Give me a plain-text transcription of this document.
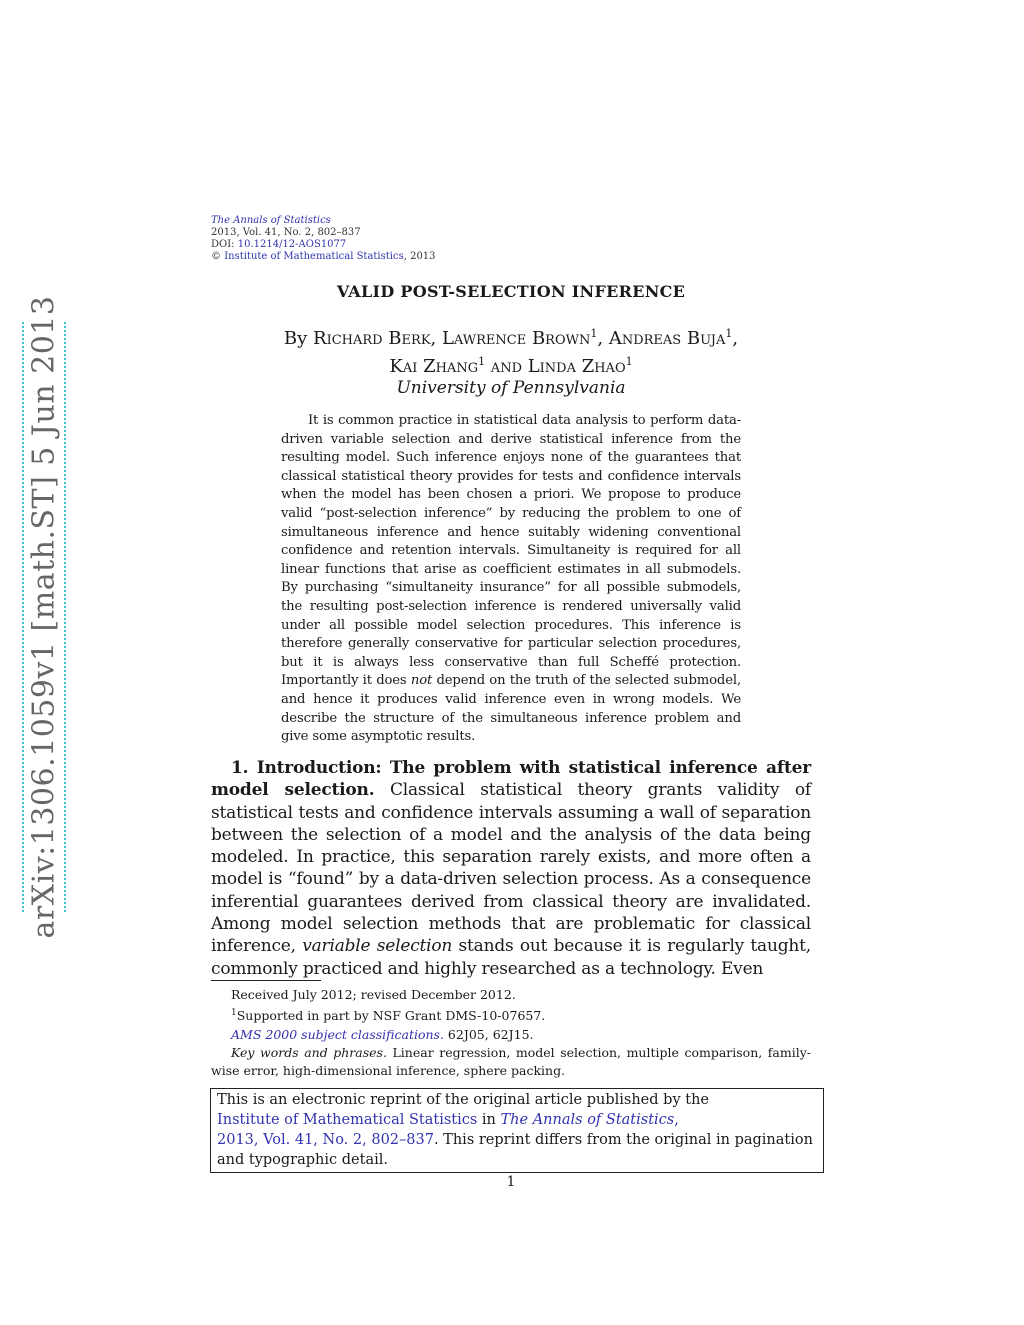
arXiv:1306.1059v1 [math.ST] 5 Jun 2013
The Annals of Statistics
2013, Vol. 41, No. 2, 802–837
DOI: 10.1214/12-AOS1077
© Institute of Mathematical Statistics, 2013
VALID POST-SELECTION INFERENCE
By Richard Berk, Lawrence Brown$^1$, Andreas Buja$^1$,
Kai Zhang$^1$ and Linda Zhao$^1$
University of Pennsylvania
It is common practice in statistical data analysis to perform data-driven variable selection and derive statistical inference from the resulting model. Such inference enjoys none of the guarantees that classical statistical theory provides for tests and confidence intervals when the model has been chosen a priori. We propose to produce valid “post-selection inference” by reducing the problem to one of simultaneous inference and hence suitably widening conventional confidence and retention intervals. Simultaneity is required for all linear functions that arise as coefficient estimates in all submodels. By purchasing “simultaneity insurance” for all possible submodels, the resulting post-selection inference is rendered universally valid under all possible model selection procedures. This inference is therefore generally conservative for particular selection procedures, but it is always less conservative than full Scheffé protection. Importantly it does not depend on the truth of the selected submodel, and hence it produces valid inference even in wrong models. We describe the structure of the simultaneous inference problem and give some asymptotic results.
1. Introduction: The problem with statistical inference after model selection. Classical statistical theory grants validity of statistical tests and confidence intervals assuming a wall of separation between the selection of a model and the analysis of the data being modeled. In practice, this separation rarely exists, and more often a model is “found” by a data-driven selection process. As a consequence inferential guarantees derived from classical theory are invalidated. Among model selection methods that are problematic for classical inference, variable selection stands out because it is regularly taught, commonly practiced and highly researched as a technology. Even

Received July 2012; revised December 2012.

$^1$Supported in part by NSF Grant DMS-10-07657.

AMS 2000 subject classifications. 62J05, 62J15.

Key words and phrases. Linear regression, model selection, multiple comparison, family-wise error, high-dimensional inference, sphere packing.

This is an electronic reprint of the original article published by the
Institute of Mathematical Statistics in The Annals of Statistics,
2013, Vol. 41, No. 2, 802–837. This reprint differs from the original in pagination and typographic detail.
1
